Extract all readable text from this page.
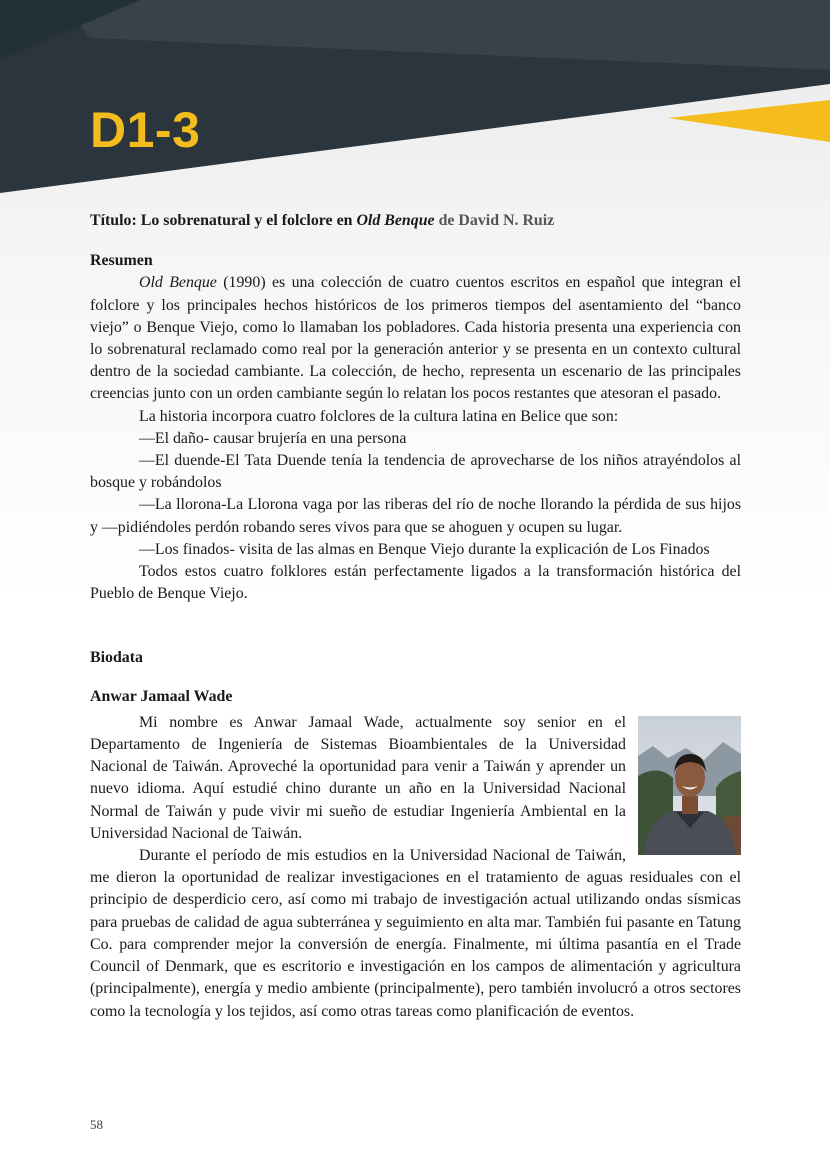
D1-3

Título: Lo sobrenatural y el folclore en Old Benque de David N. Ruiz

Resumen

Old Benque (1990) es una colección de cuatro cuentos escritos en español que integran el folclore y los principales hechos históricos de los primeros tiempos del asentamiento del “banco viejo” o Benque Viejo, como lo llamaban los pobladores. Cada historia presenta una experiencia con lo sobrenatural reclamado como real por la generación anterior y se presenta en un contexto cultural dentro de la sociedad cambiante. La colección, de hecho, representa un escenario de las principales creencias junto con un orden cambiante según lo relatan los pocos restantes que atesoran el pasado.

La historia incorpora cuatro folclores de la cultura latina en Belice que son:

—El daño- causar brujería en una persona

—El duende-El Tata Duende tenía la tendencia de aprovecharse de los niños atrayéndolos al bosque y robándolos

—La llorona-La Llorona vaga por las riberas del río de noche llorando la pérdida de sus hijos y —pidiéndoles perdón robando seres vivos para que se ahoguen y ocupen su lugar.

—Los finados- visita de las almas en Benque Viejo durante la explicación de Los Finados

Todos estos cuatro folklores están perfectamente ligados a la transformación histórica del Pueblo de Benque Viejo.

Biodata
Anwar Jamaal Wade

Mi nombre es Anwar Jamaal Wade, actualmente soy senior en el Departamento de Ingeniería de Sistemas Bioambientales de la Universidad Nacional de Taiwán. Aproveché la oportunidad para venir a Taiwán y aprender un nuevo idioma. Aquí estudié chino durante un año en la Universidad Nacional Normal de Taiwán y pude vivir mi sueño de estudiar Ingeniería Ambiental en la Universidad Nacional de Taiwán.

Durante el período de mis estudios en la Universidad Nacional de Taiwán, me dieron la oportunidad de realizar investigaciones en el tratamiento de aguas residuales con el principio de desperdicio cero, así como mi trabajo de investigación actual utilizando ondas sísmicas para pruebas de calidad de agua subterránea y seguimiento en alta mar. También fui pasante en Tatung Co. para comprender mejor la conversión de energía. Finalmente, mi última pasantía en el Trade Council of Denmark, que es escritorio e investigación en los campos de alimentación y agricultura (principalmente), energía y medio ambiente (principalmente), pero también involucró a otros sectores como la tecnología y los tejidos, así como otras tareas como planificación de eventos.

58
